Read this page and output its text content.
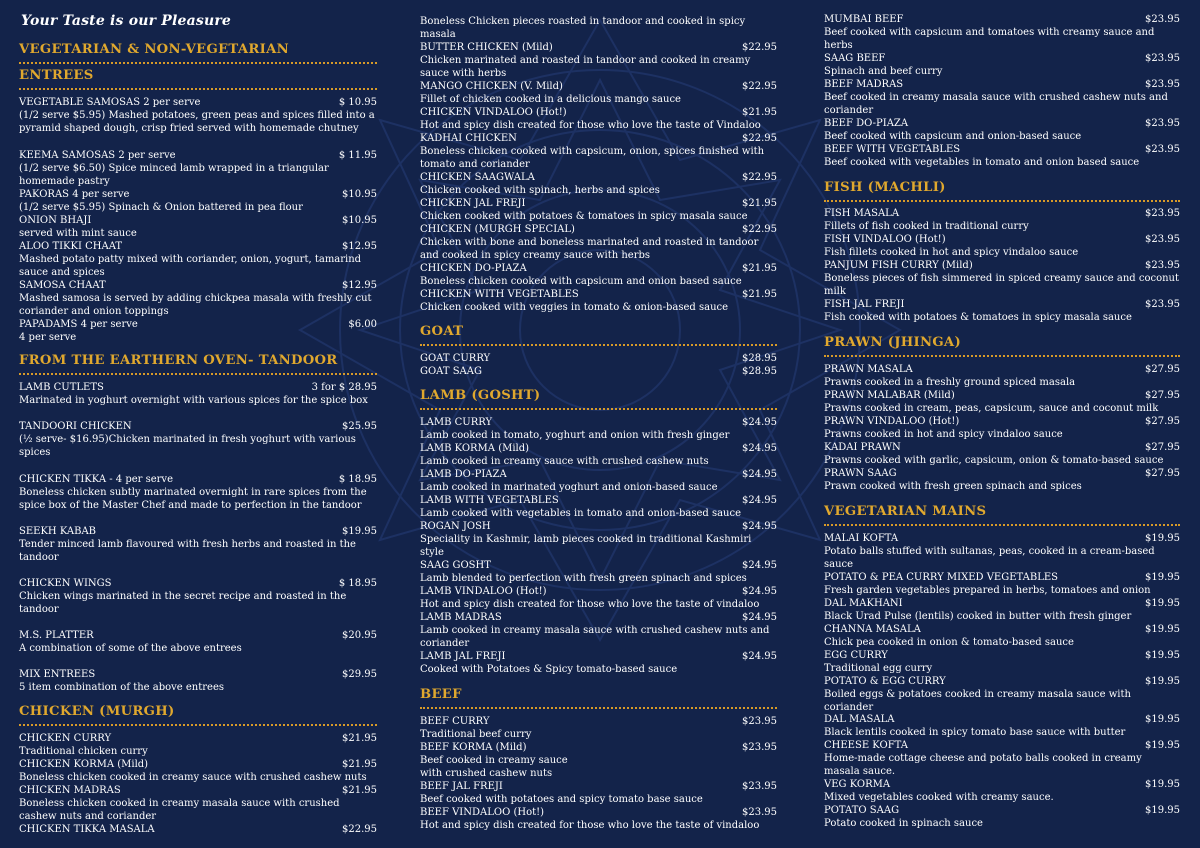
Your Taste is our Pleasure
VEGETARIAN & NON-VEGETARIAN
ENTREES
VEGETABLE SAMOSAS 2 per serve	$ 10.95
(1/2 serve $5.95) Mashed potatoes, green peas and spices filled into a pyramid shaped dough, crisp fried served with homemade chutney
KEEMA SAMOSAS 2 per serve	$ 11.95
(1/2 serve $6.50) Spice minced lamb wrapped in a triangular homemade pastry
PAKORAS 4 per serve	$10.95
(1/2 serve $5.95) Spinach & Onion battered in pea flour
ONION BHAJI	$10.95
served with mint sauce
ALOO TIKKI CHAAT	$12.95
Mashed potato patty mixed with coriander, onion, yogurt, tamarind sauce and spices
SAMOSA CHAAT	$12.95
Mashed samosa is served by adding chickpea masala with freshly cut coriander and onion toppings
PAPADAMS 4 per serve	$6.00
4 per serve
FROM THE EARTHERN OVEN- TANDOOR
LAMB CUTLETS	3 for $ 28.95
Marinated in yoghurt overnight with various spices for the spice box
TANDOORI CHICKEN	$25.95
(½ serve- $16.95)Chicken marinated in fresh yoghurt with various spices
CHICKEN TIKKA - 4 per serve	$ 18.95
Boneless chicken subtly marinated overnight in rare spices from the spice box of the Master Chef and made to perfection in the tandoor
SEEKH KABAB	$19.95
Tender minced lamb flavoured with fresh herbs and roasted in the tandoor
CHICKEN WINGS	$ 18.95
Chicken wings marinated in the secret recipe and roasted in the tandoor
M.S. PLATTER	$20.95
A combination of some of the above entrees
MIX ENTREES	$29.95
5 item combination of the above entrees
CHICKEN (MURGH)
CHICKEN CURRY	$21.95
Traditional chicken curry
CHICKEN KORMA (Mild)	$21.95
Boneless chicken cooked in creamy sauce with crushed cashew nuts
CHICKEN MADRAS	$21.95
Boneless chicken cooked in creamy masala sauce with crushed cashew nuts and coriander
CHICKEN TIKKA MASALA	$22.95
Boneless Chicken pieces roasted in tandoor and cooked in spicy masala
BUTTER CHICKEN (Mild)	$22.95
Chicken marinated and roasted in tandoor and cooked in creamy sauce with herbs
MANGO CHICKEN (V. Mild)	$22.95
Fillet of chicken cooked in a delicious mango sauce
CHICKEN VINDALOO (Hot!)	$21.95
Hot and spicy dish created for those who love the taste of Vindaloo
KADHAI CHICKEN	$22.95
Boneless chicken cooked with capsicum, onion, spices finished with tomato and coriander
CHICKEN SAAGWALA	$22.95
Chicken cooked with spinach, herbs and spices
CHICKEN JAL FREJI	$21.95
Chicken cooked with potatoes & tomatoes in spicy masala sauce
CHICKEN (MURGH SPECIAL)	$22.95
Chicken with bone and boneless marinated and roasted in tandoor and cooked in spicy creamy sauce with herbs
CHICKEN DO-PIAZA	$21.95
Boneless chicken cooked with capsicum and onion based sauce
CHICKEN WITH VEGETABLES	$21.95
Chicken cooked with veggies in tomato & onion-based sauce
GOAT
GOAT CURRY	$28.95
GOAT SAAG	$28.95
LAMB (GOSHT)
LAMB CURRY	$24.95
Lamb cooked in tomato, yoghurt and onion with fresh ginger
LAMB KORMA (Mild)	$24.95
Lamb cooked in creamy sauce with crushed cashew nuts
LAMB DO-PIAZA	$24.95
Lamb cooked in marinated yoghurt and onion-based sauce
LAMB WITH VEGETABLES	$24.95
Lamb cooked with vegetables in tomato and onion-based sauce
ROGAN JOSH	$24.95
Speciality in Kashmir, lamb pieces cooked in traditional Kashmiri style
SAAG GOSHT	$24.95
Lamb blended to perfection with fresh green spinach and spices
LAMB VINDALOO (Hot!)	$24.95
Hot and spicy dish created for those who love the taste of vindaloo
LAMB MADRAS	$24.95
Lamb cooked in creamy masala sauce with crushed cashew nuts and coriander
LAMB JAL FREJI	$24.95
Cooked with Potatoes & Spicy tomato-based sauce
BEEF
BEEF CURRY	$23.95
Traditional beef curry
BEEF KORMA (Mild)	$23.95
Beef cooked in creamy sauce
with crushed cashew nuts
BEEF JAL FREJI	$23.95
Beef cooked with potatoes and spicy tomato base sauce
BEEF VINDALOO (Hot!)	$23.95
Hot and spicy dish created for those who love the taste of vindaloo
MUMBAI BEEF	$23.95
Beef cooked with capsicum and tomatoes with creamy sauce and herbs
SAAG BEEF	$23.95
Spinach and beef curry
BEEF MADRAS	$23.95
Beef cooked in creamy masala sauce with crushed cashew nuts and coriander
BEEF DO-PIAZA	$23.95
Beef cooked with capsicum and onion-based sauce
BEEF WITH VEGETABLES	$23.95
Beef cooked with vegetables in tomato and onion based sauce
FISH (MACHLI)
FISH MASALA	$23.95
Fillets of fish cooked in traditional curry
FISH VINDALOO (Hot!)	$23.95
Fish fillets cooked in hot and spicy vindaloo sauce
PANJUM FISH CURRY (Mild)	$23.95
Boneless pieces of fish simmered in spiced creamy sauce and coconut milk
FISH JAL FREJI	$23.95
Fish cooked with potatoes & tomatoes in spicy masala sauce
PRAWN (JHINGA)
PRAWN MASALA	$27.95
Prawns cooked in a freshly ground spiced masala
PRAWN MALABAR (Mild)	$27.95
Prawns cooked in cream, peas, capsicum, sauce and coconut milk
PRAWN VINDALOO (Hot!)	$27.95
Prawns cooked in hot and spicy vindaloo sauce
KADAI PRAWN	$27.95
Prawns cooked with garlic, capsicum, onion & tomato-based sauce
PRAWN SAAG	$27.95
Prawn cooked with fresh green spinach and spices
VEGETARIAN MAINS
MALAI KOFTA	$19.95
Potato balls stuffed with sultanas, peas, cooked in a cream-based sauce
POTATO & PEA CURRY MIXED VEGETABLES	$19.95
Fresh garden vegetables prepared in herbs, tomatoes and onion
DAL MAKHANI	$19.95
Black Urad Pulse (lentils) cooked in butter with fresh ginger
CHANNA MASALA	$19.95
Chick pea cooked in onion & tomato-based sauce
EGG CURRY	$19.95
Traditional egg curry
POTATO & EGG CURRY	$19.95
Boiled eggs & potatoes cooked in creamy masala sauce with coriander
DAL MASALA	$19.95
Black lentils cooked in spicy tomato base sauce with butter
CHEESE KOFTA	$19.95
Home-made cottage cheese and potato balls cooked in creamy masala sauce.
VEG KORMA	$19.95
Mixed vegetables cooked with creamy sauce.
POTATO SAAG	$19.95
Potato cooked in spinach sauce
